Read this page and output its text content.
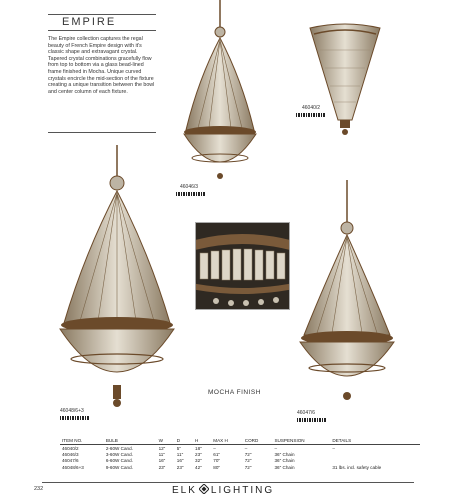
EMPIRE
The Empire collection captures the regal beauty of French Empire design with it's classic shape and extravagant crystal. Tapered crystal combinations gracefully flow from top to bottom via a glass bead-lined frame finished in Mocha. Unique curved crystals encircle the mid-section of the fixture creating a unique transition between the bowl and center column of each fixture.
46040/2
46046/3
46048/6+3
MOCHA FINISH
46047/6
ITEM NO.	BULB	W	D	H	MAX H	CORD	SUSPENSION	DETAILS
46040/2	2-60W Cand.	12"	5"	18"	–	–	–	–
46046/3	3-60W Cand.	11"	11"	23"	61"	72"	36" Chain	
46047/6	6-60W Cand.	16"	16"	32"	70"	72"	36" Chain	
46048/6+3	9-60W Cand.	23"	23"	42"	80"	72"	36" Chain	31 lbs. incl. safety cable
232	ELK LIGHTING
